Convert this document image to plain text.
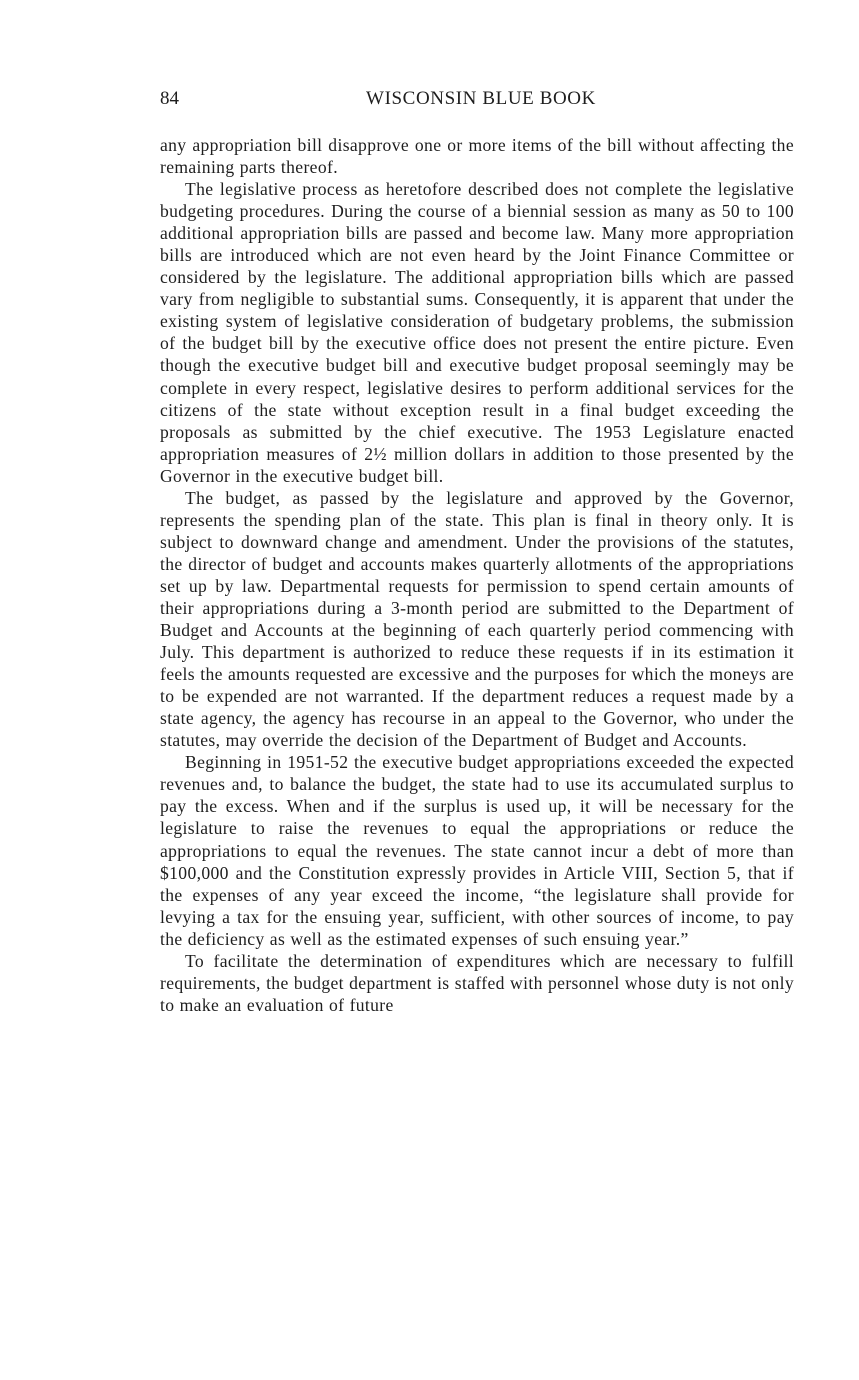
84	WISCONSIN BLUE BOOK

any appropriation bill disapprove one or more items of the bill without affecting the remaining parts thereof.

The legislative process as heretofore described does not complete the legislative budgeting procedures. During the course of a biennial session as many as 50 to 100 additional appropriation bills are passed and become law. Many more appropriation bills are introduced which are not even heard by the Joint Finance Committee or considered by the legislature. The additional appropriation bills which are passed vary from negligible to substantial sums. Consequently, it is apparent that under the existing system of legislative consideration of budgetary problems, the submission of the budget bill by the executive office does not present the entire picture. Even though the executive budget bill and executive budget proposal seemingly may be complete in every respect, legislative desires to perform additional services for the citizens of the state without exception result in a final budget exceeding the proposals as submitted by the chief executive. The 1953 Legislature enacted appropriation measures of 2½ million dollars in addition to those presented by the Governor in the executive budget bill.

The budget, as passed by the legislature and approved by the Governor, represents the spending plan of the state. This plan is final in theory only. It is subject to downward change and amendment. Under the provisions of the statutes, the director of budget and accounts makes quarterly allotments of the appropriations set up by law. Departmental requests for permission to spend certain amounts of their appropriations during a 3-month period are submitted to the Department of Budget and Accounts at the beginning of each quarterly period commencing with July. This department is authorized to reduce these requests if in its estimation it feels the amounts requested are excessive and the purposes for which the moneys are to be expended are not warranted. If the department reduces a request made by a state agency, the agency has recourse in an appeal to the Governor, who under the statutes, may override the decision of the Department of Budget and Accounts.

Beginning in 1951-52 the executive budget appropriations exceeded the expected revenues and, to balance the budget, the state had to use its accumulated surplus to pay the excess. When and if the surplus is used up, it will be necessary for the legislature to raise the revenues to equal the appropriations or reduce the appropriations to equal the revenues. The state cannot incur a debt of more than $100,000 and the Constitution expressly provides in Article VIII, Section 5, that if the expenses of any year exceed the income, “the legislature shall provide for levying a tax for the ensuing year, sufficient, with other sources of income, to pay the deficiency as well as the estimated expenses of such ensuing year.”

To facilitate the determination of expenditures which are necessary to fulfill requirements, the budget department is staffed with personnel whose duty is not only to make an evaluation of future
